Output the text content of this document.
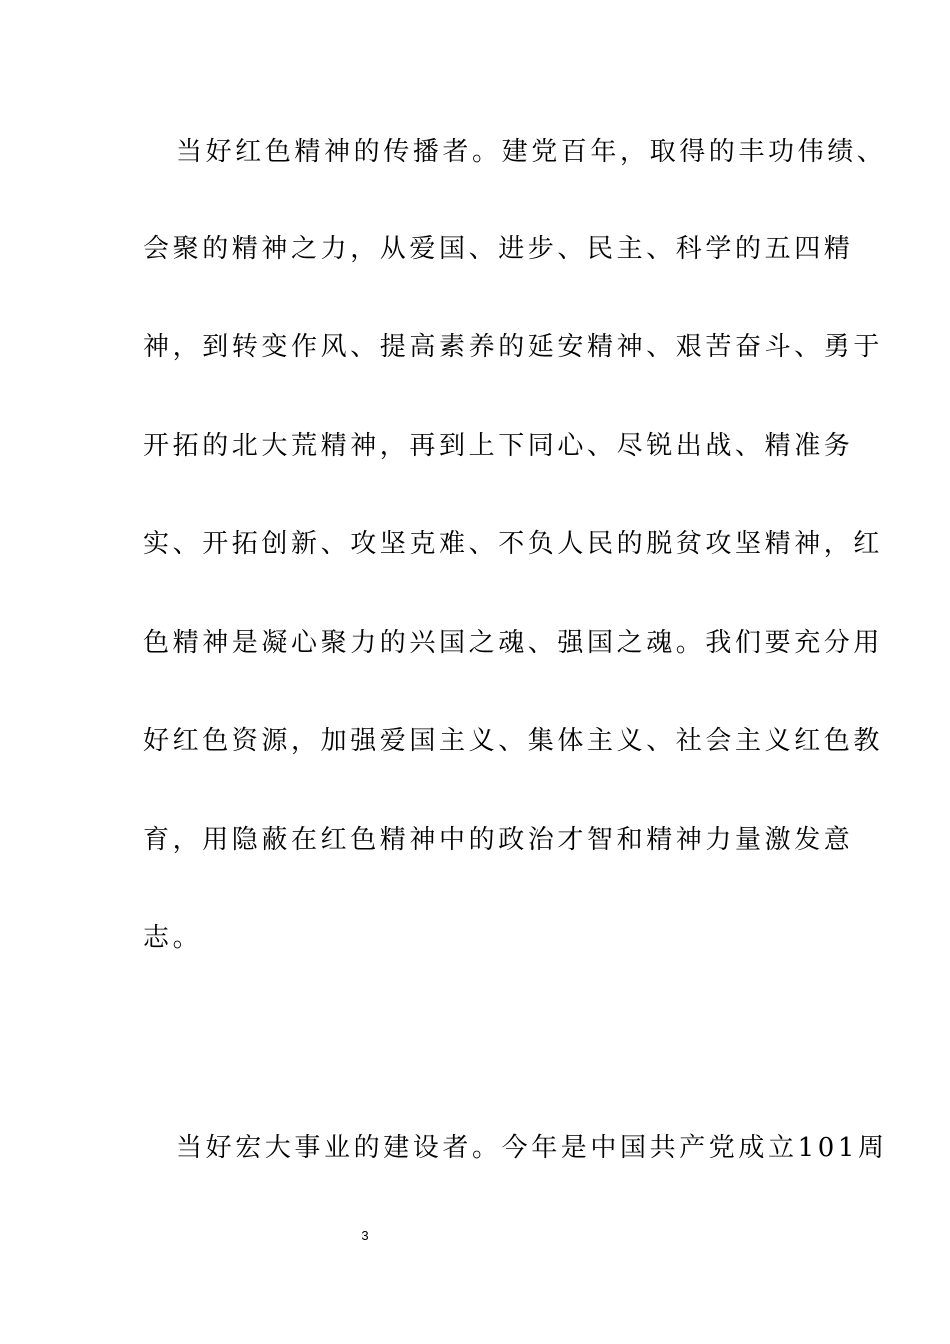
当好红色精神的传播者。建党百年，取得的丰功伟绩、
会聚的精神之力，从爱国、进步、民主、科学的五四精
神，到转变作风、提高素养的延安精神、艰苦奋斗、勇于
开拓的北大荒精神，再到上下同心、尽锐出战、精准务
实、开拓创新、攻坚克难、不负人民的脱贫攻坚精神，红
色精神是凝心聚力的兴国之魂、强国之魂。我们要充分用
好红色资源，加强爱国主义、集体主义、社会主义红色教
育，用隐蔽在红色精神中的政治才智和精神力量激发意
志。
当好宏大事业的建设者。今年是中国共产党成立101周
3
